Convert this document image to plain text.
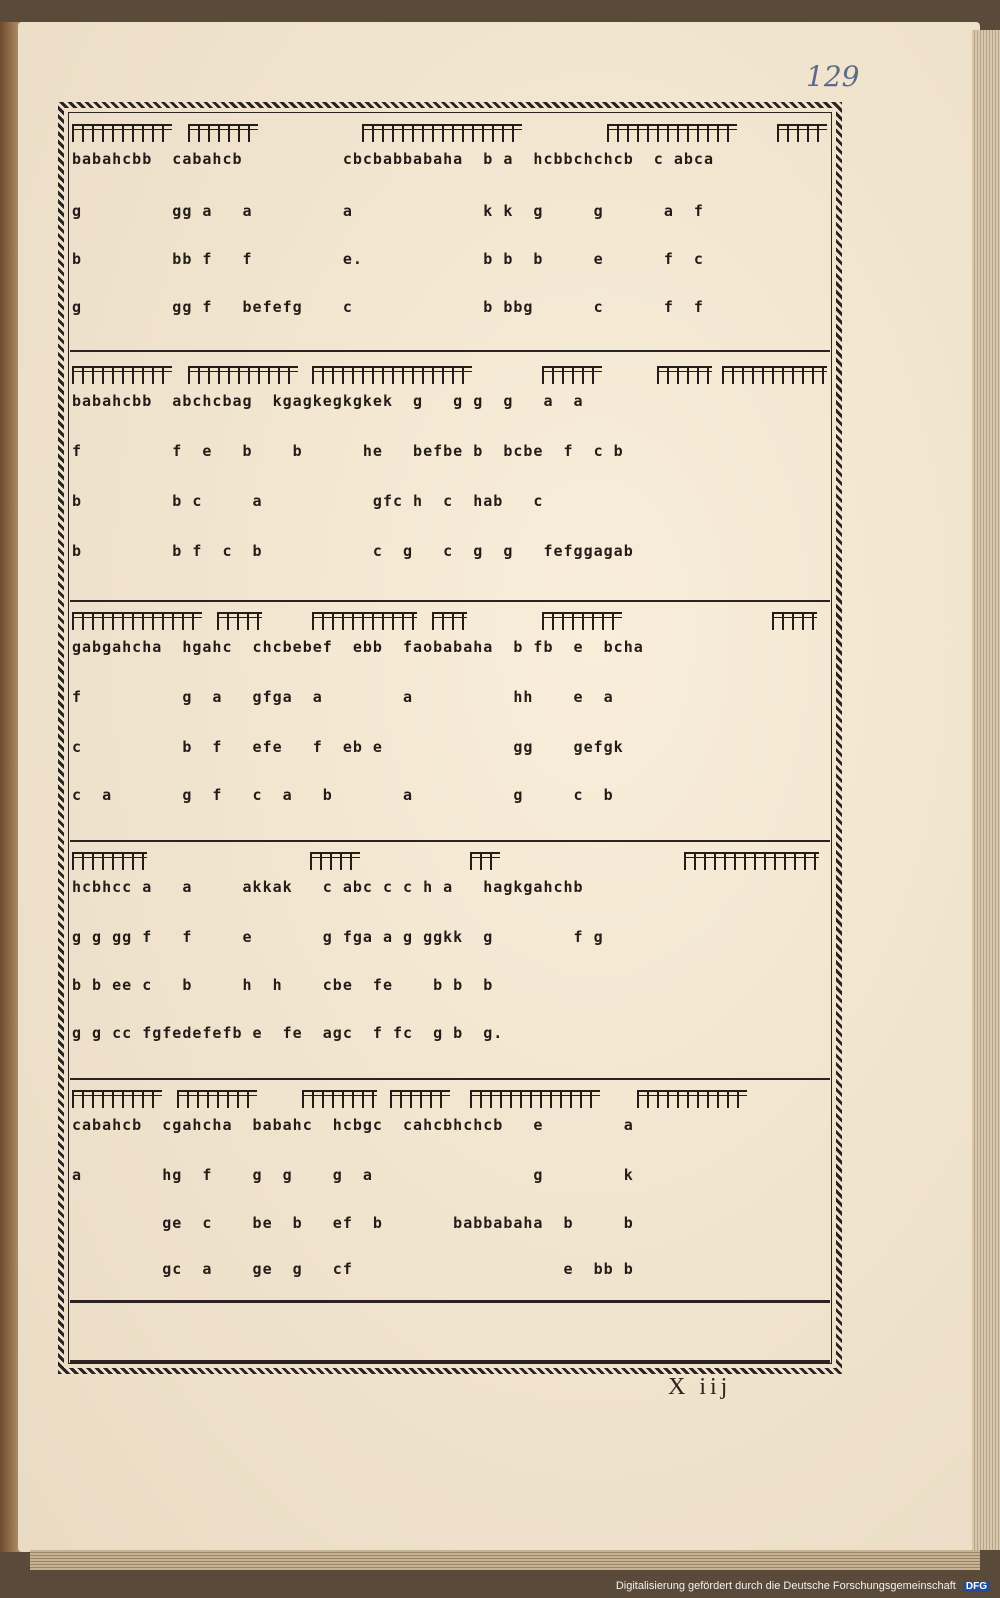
129
babahcbb  cabahcb          cbcbabbabaha  b a  hcbbchchcb  c abca
g         gg a   a         a             k k  g     g      a  f
b         bb f   f         e.            b b  b     e      f  c
g         gg f   befefg    c             b bbg      c      f  f
babahcbb  abchcbag  kgagkegkgkek  g   g g  g   a  a
f         f  e   b    b      he   befbe b  bcbe  f  c b
b         b c     a           gfc h  c  hab   c
b         b f  c  b           c  g   c  g  g   fefggagab
gabgahcha  hgahc  chcbebef  ebb  faobabaha  b fb  e  bcha
f          g  a   gfga  a        a          hh    e  a
c          b  f   efe   f  eb e             gg    gefgk
c  a       g  f   c  a   b       a          g     c  b
hcbhcc a   a     akkak   c abc c c h a   hagkgahchb
g g gg f   f     e       g fga a g ggkk  g        f g
b b ee c   b     h  h    cbe  fe    b b  b
g g cc fgfedefefb e  fe  agc  f fc  g b  g.
cabahcb  cgahcha  babahc  hcbgc  cahcbhchcb   e        a
a        hg  f    g  g    g  a                g        k
ge  c    be  b   ef  b       babbabaha  b     b
gc  a    ge  g   cf                     e  bb b
X iij
Digitalisierung gefördert durch die Deutsche Forschungsgemeinschaft DFG
